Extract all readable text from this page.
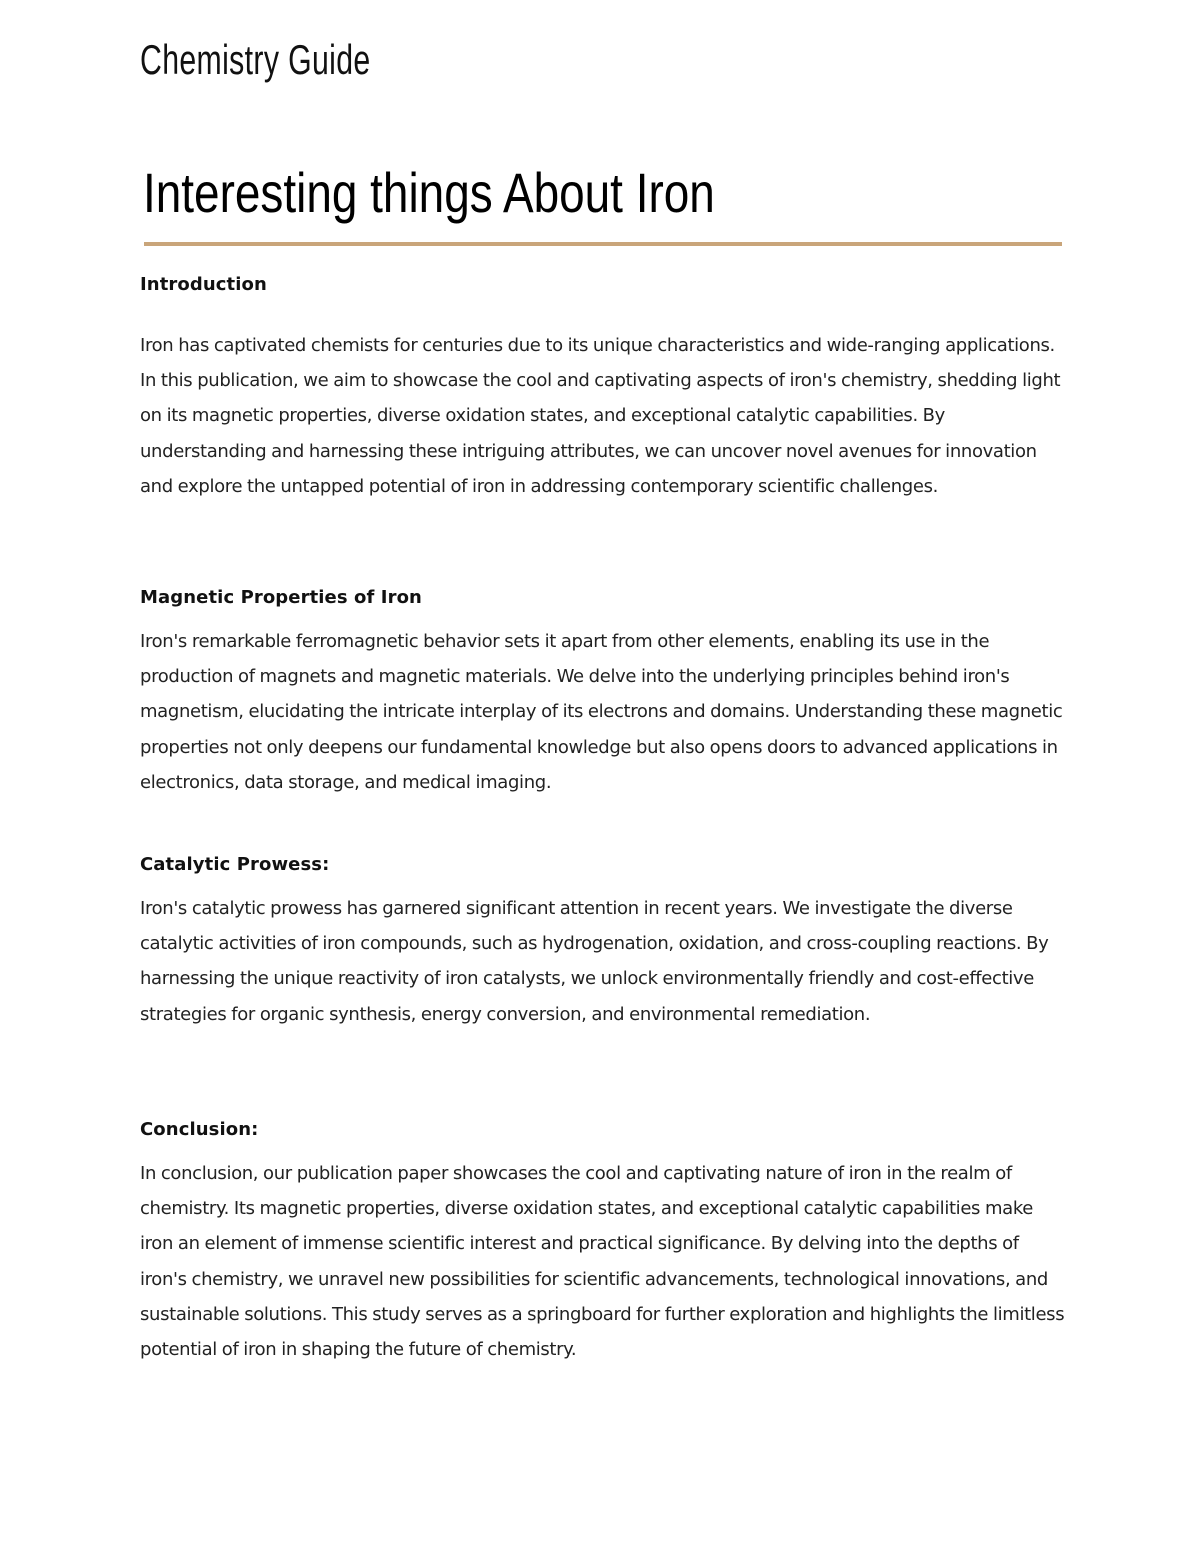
Chemistry Guide
Interesting things About Iron
Introduction

Iron has captivated chemists for centuries due to its unique characteristics and wide-ranging applications. In this publication, we aim to showcase the cool and captivating aspects of iron's chemistry, shedding light on its magnetic properties, diverse oxidation states, and exceptional catalytic capabilities. By understanding and harnessing these intriguing attributes, we can uncover novel avenues for innovation and explore the untapped potential of iron in addressing contemporary scientific challenges.

Magnetic Properties of Iron

Iron's remarkable ferromagnetic behavior sets it apart from other elements, enabling its use in the production of magnets and magnetic materials. We delve into the underlying principles behind iron's magnetism, elucidating the intricate interplay of its electrons and domains. Understanding these magnetic properties not only deepens our fundamental knowledge but also opens doors to advanced applications in electronics, data storage, and medical imaging.

Catalytic Prowess:

Iron's catalytic prowess has garnered significant attention in recent years. We investigate the diverse catalytic activities of iron compounds, such as hydrogenation, oxidation, and cross-coupling reactions. By harnessing the unique reactivity of iron catalysts, we unlock environmentally friendly and cost-effective strategies for organic synthesis, energy conversion, and environmental remediation.

Conclusion:

In conclusion, our publication paper showcases the cool and captivating nature of iron in the realm of chemistry. Its magnetic properties, diverse oxidation states, and exceptional catalytic capabilities make iron an element of immense scientific interest and practical significance. By delving into the depths of iron's chemistry, we unravel new possibilities for scientific advancements, technological innovations, and sustainable solutions. This study serves as a springboard for further exploration and highlights the limitless potential of iron in shaping the future of chemistry.
